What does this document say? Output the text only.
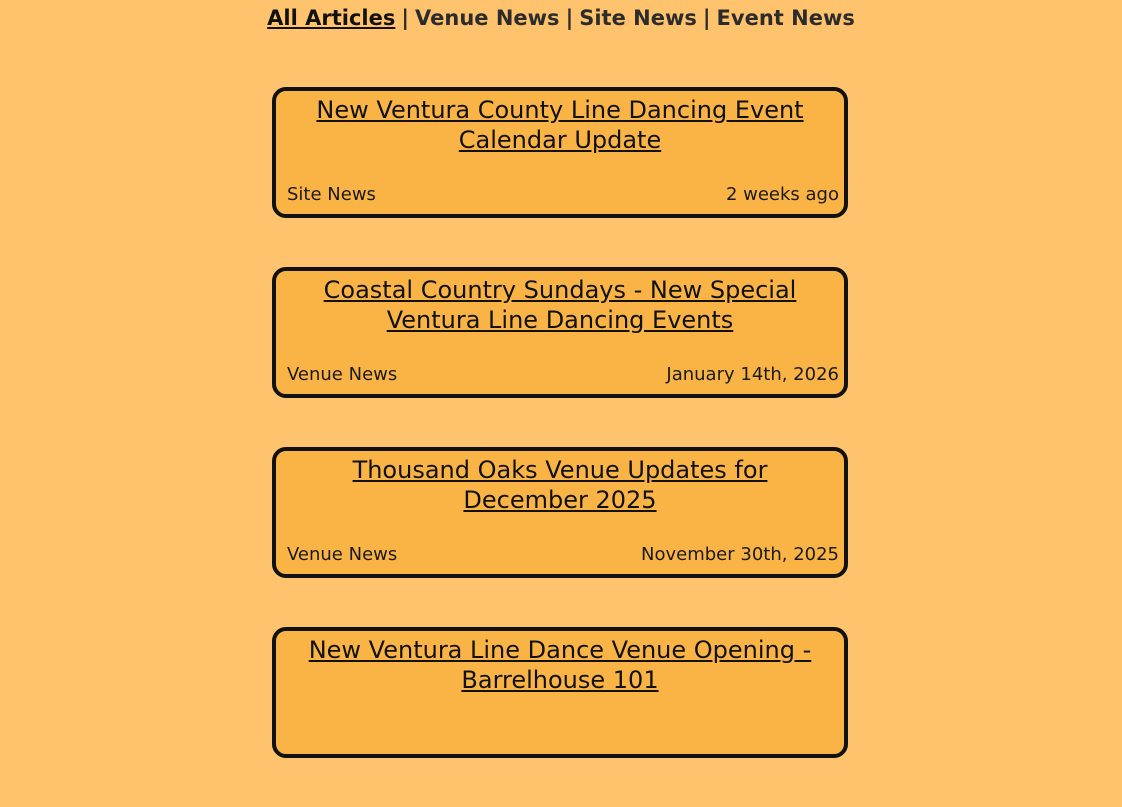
All Articles | Venue News | Site News | Event News
New Ventura County Line Dancing Event Calendar Update
Site News	2 weeks ago
Coastal Country Sundays - New Special Ventura Line Dancing Events
Venue News	January 14th, 2026
Thousand Oaks Venue Updates for December 2025
Venue News	November 30th, 2025
New Ventura Line Dance Venue Opening - Barrelhouse 101
